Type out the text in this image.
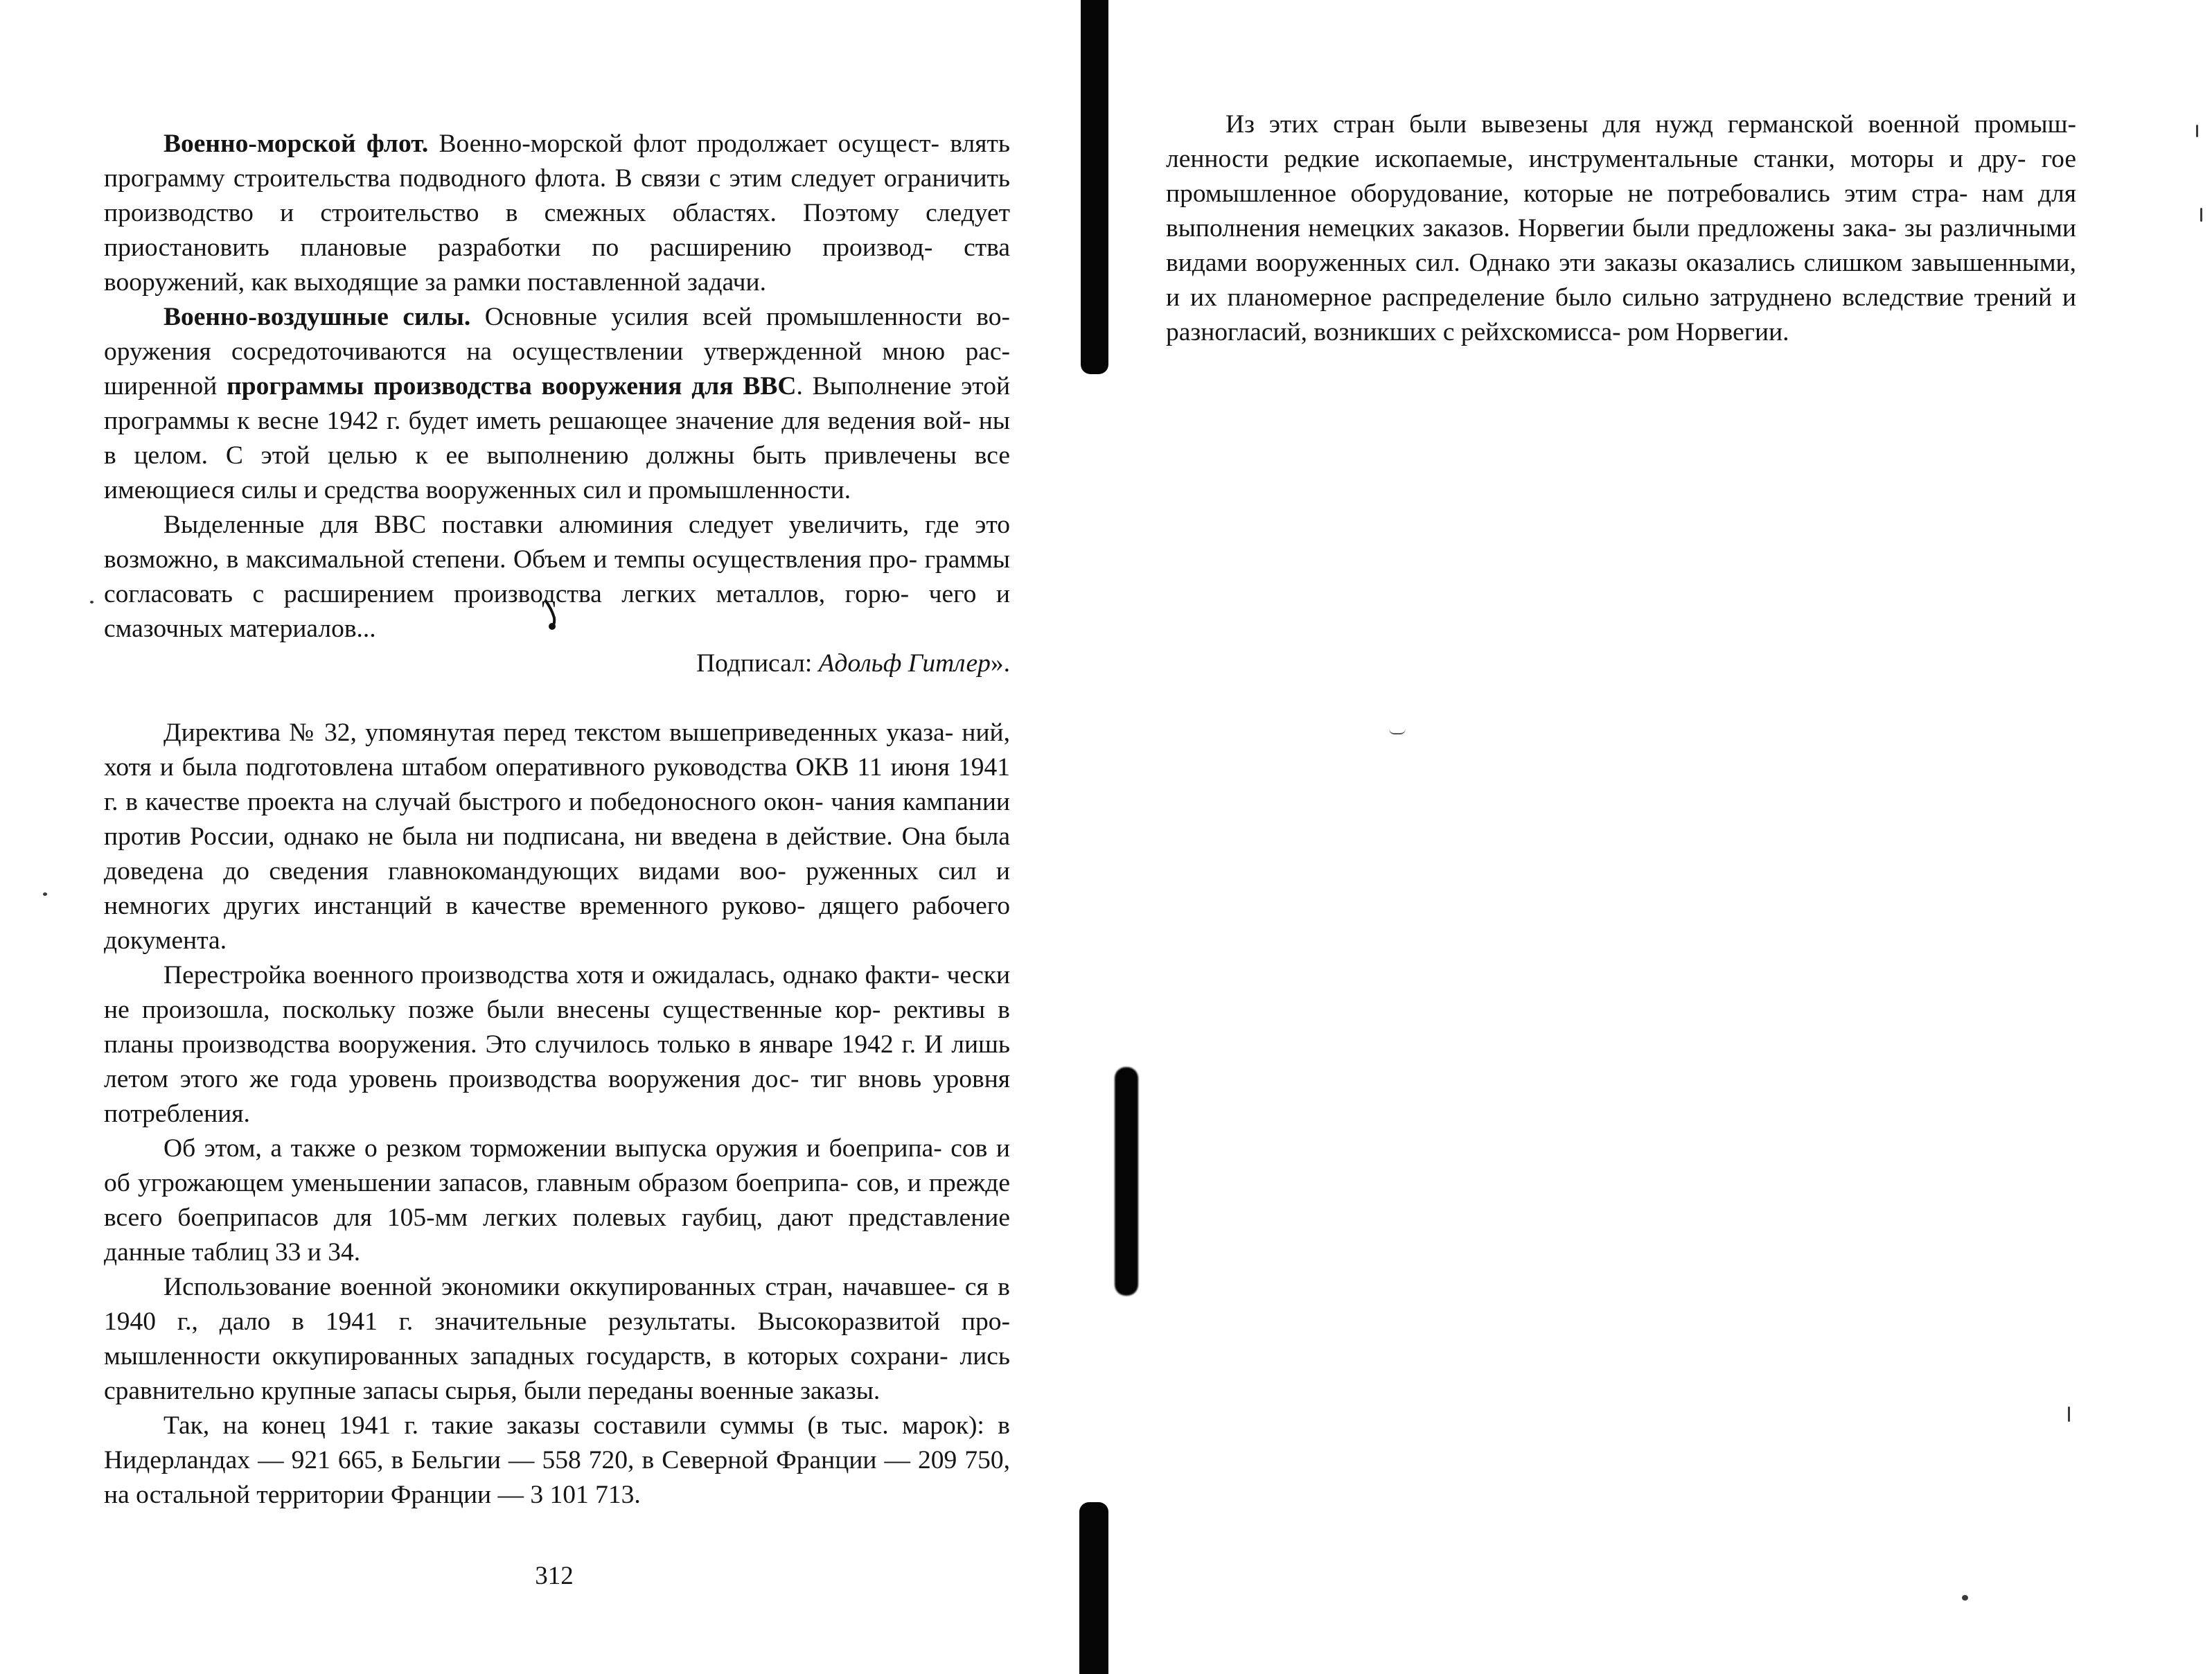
Военно-морской флот. Военно-морской флот продолжает осущест- влять программу строительства подводного флота. В связи с этим следует ограничить производство и строительство в смежных областях. Поэтому следует приостановить плановые разработки по расширению производ- ства вооружений, как выходящие за рамки поставленной задачи.

Военно-воздушные силы. Основные усилия всей промышленности во- оружения сосредоточиваются на осуществлении утвержденной мною рас- ширенной программы производства вооружения для ВВС. Выполнение этой программы к весне 1942 г. будет иметь решающее значение для ведения вой- ны в целом. С этой целью к ее выполнению должны быть привлечены все имеющиеся силы и средства вооруженных сил и промышленности.

Выделенные для ВВС поставки алюминия следует увеличить, где это возможно, в максимальной степени. Объем и темпы осуществления про- граммы согласовать с расширением производства легких металлов, горю- чего и смазочных материалов...

Подписал: Адольф Гитлер».

Директива № 32, упомянутая перед текстом вышеприведенных указа- ний, хотя и была подготовлена штабом оперативного руководства ОКВ 11 июня 1941 г. в качестве проекта на случай быстрого и победоносного окон- чания кампании против России, однако не была ни подписана, ни введена в действие. Она была доведена до сведения главнокомандующих видами воо- руженных сил и немногих других инстанций в качестве временного руково- дящего рабочего документа.

Перестройка военного производства хотя и ожидалась, однако факти- чески не произошла, поскольку позже были внесены существенные кор- рективы в планы производства вооружения. Это случилось только в январе 1942 г. И лишь летом этого же года уровень производства вооружения дос- тиг вновь уровня потребления.

Об этом, а также о резком торможении выпуска оружия и боеприпа- сов и об угрожающем уменьшении запасов, главным образом боеприпа- сов, и прежде всего боеприпасов для 105-мм легких полевых гаубиц, дают представление данные таблиц 33 и 34.

Использование военной экономики оккупированных стран, начавшее- ся в 1940 г., дало в 1941 г. значительные результаты. Высокоразвитой про- мышленности оккупированных западных государств, в которых сохрани- лись сравнительно крупные запасы сырья, были переданы военные заказы.

Так, на конец 1941 г. такие заказы составили суммы (в тыс. марок): в Нидерландах — 921 665, в Бельгии — 558 720, в Северной Франции — 209 750, на остальной территории Франции — 3 101 713.

312

Из этих стран были вывезены для нужд германской военной промыш- ленности редкие ископаемые, инструментальные станки, моторы и дру- гое промышленное оборудование, которые не потребовались этим стра- нам для выполнения немецких заказов. Норвегии были предложены зака- зы различными видами вооруженных сил. Однако эти заказы оказались слишком завышенными, и их планомерное распределение было сильно затруднено вследствие трений и разногласий, возникших с рейхскомисса- ром Норвегии.
